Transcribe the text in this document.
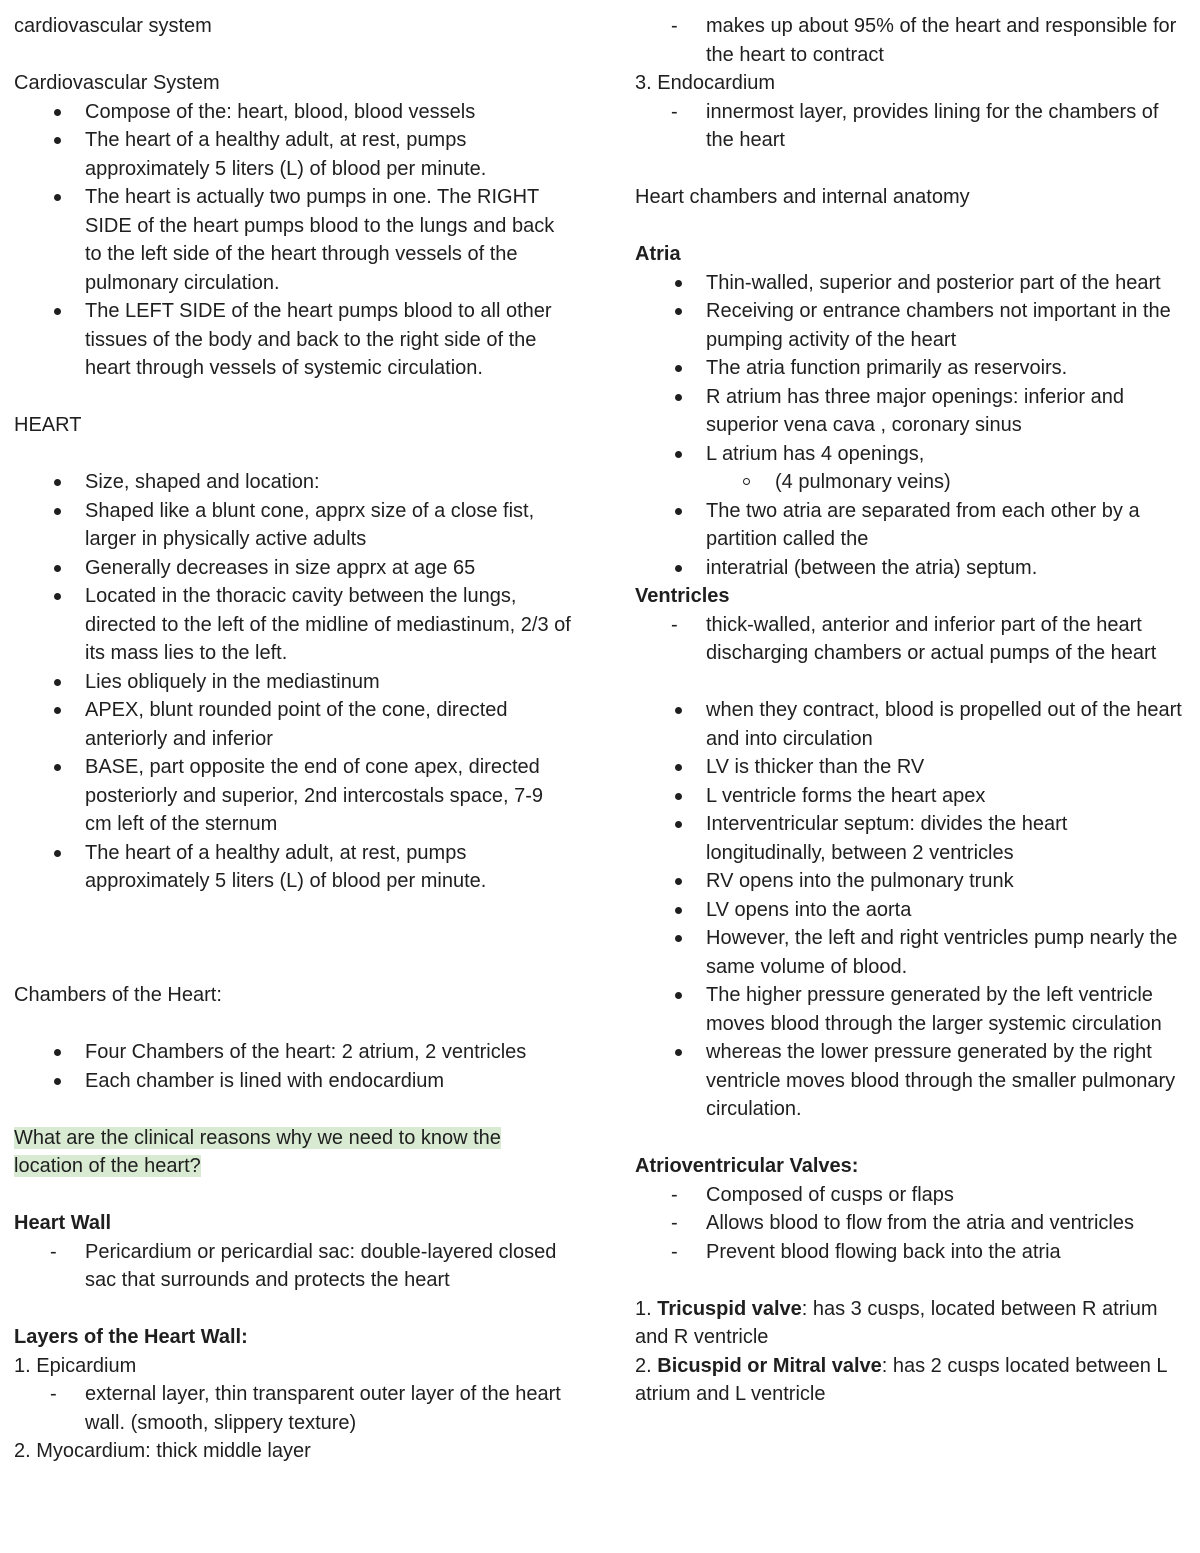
cardiovascular system

Cardiovascular System

Compose of the: heart, blood, blood vessels
The heart of a healthy adult, at rest, pumps approximately 5 liters (L) of blood per minute.
The heart is actually two pumps in one. The RIGHT SIDE of the heart pumps blood to the lungs and back to the left side of the heart through vessels of the pulmonary circulation.
The LEFT SIDE of the heart pumps blood to all other tissues of the body and back to the right side of the heart through vessels of systemic circulation.

HEART

Size, shaped and location:
Shaped like a blunt cone, apprx size of a close fist, larger in physically active adults
Generally decreases in size apprx at age 65
Located in the thoracic cavity between the lungs, directed to the left of the midline of mediastinum, 2/3 of its mass lies to the left.
Lies obliquely in the mediastinum
APEX, blunt rounded point of the cone, directed anteriorly and inferior
BASE, part opposite the end of cone apex, directed posteriorly and superior, 2nd intercostals space, 7-9 cm left of the sternum
The heart of a healthy adult, at rest, pumps approximately 5 liters (L) of blood per minute.

Chambers of the Heart:

Four Chambers of the heart: 2 atrium, 2 ventricles
Each chamber is lined with endocardium

What are the clinical reasons why we need to know the
location of the heart?

Heart Wall

- Pericardium or pericardial sac: double-layered closed sac that surrounds and protects the heart

Layers of the Heart Wall:

1. Epicardium

- external layer, thin transparent outer layer of the heart wall. (smooth, slippery texture)

2. Myocardium: thick middle layer

- makes up about 95% of the heart and responsible for the heart to contract

3. Endocardium

- innermost layer, provides lining for the chambers of the heart

Heart chambers and internal anatomy

Atria

Thin-walled, superior and posterior part of the heart
Receiving or entrance chambers not important in the pumping activity of the heart
The atria function primarily as reservoirs.
R atrium has three major openings: inferior and superior vena cava , coronary sinus
L atrium has 4 openings,
(4 pulmonary veins)
The two atria are separated from each other by a partition called the
interatrial (between the atria) septum.

Ventricles

- thick-walled, anterior and inferior part of the heart discharging chambers or actual pumps of the heart
when they contract, blood is propelled out of the heart and into circulation
LV is thicker than the RV
L ventricle forms the heart apex
Interventricular septum: divides the heart longitudinally, between 2 ventricles
RV opens into the pulmonary trunk
LV opens into the aorta
However, the left and right ventricles pump nearly the same volume of blood.
The higher pressure generated by the left ventricle moves blood through the larger systemic circulation
whereas the lower pressure generated by the right ventricle moves blood through the smaller pulmonary circulation.

Atrioventricular Valves:

- Composed of cusps or flaps
- Allows blood to flow from the atria and ventricles
- Prevent blood flowing back into the atria

1. Tricuspid valve: has 3 cusps, located between R atrium and R ventricle

2. Bicuspid or Mitral valve: has 2 cusps located between L atrium and L ventricle
